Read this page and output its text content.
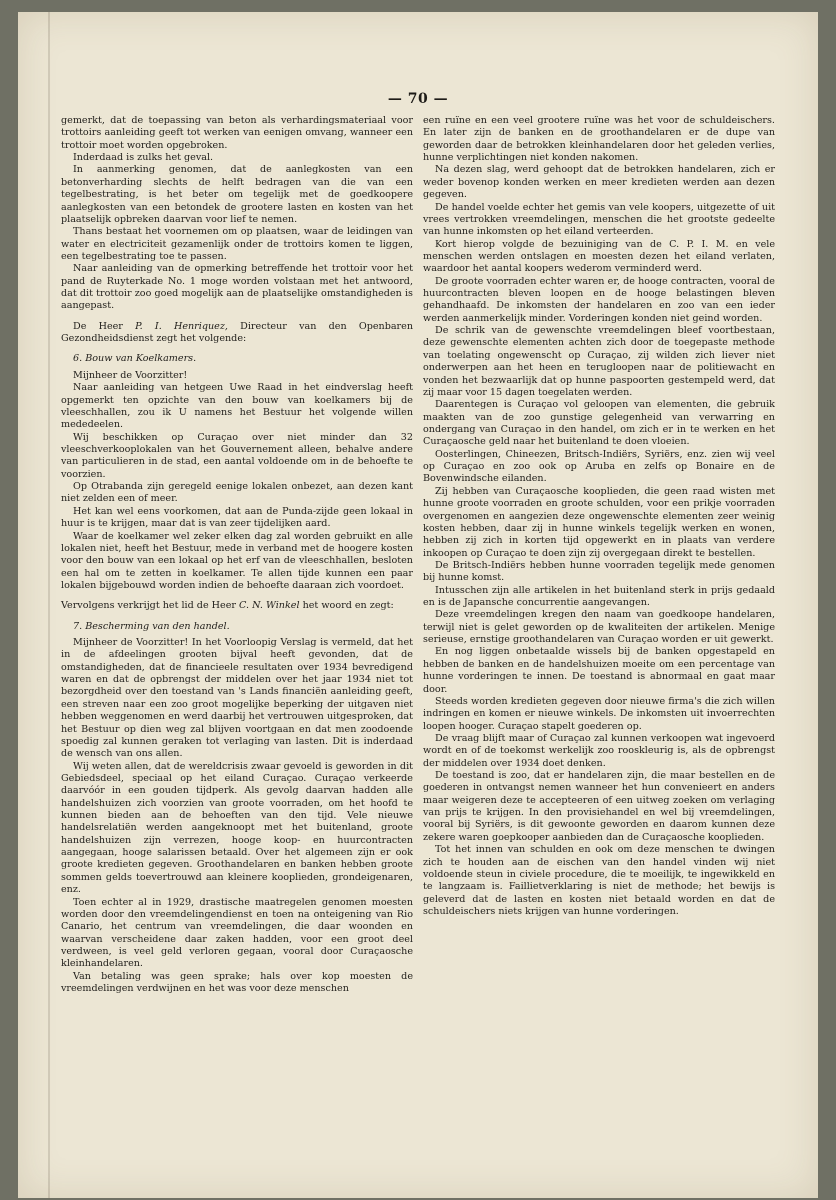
— 70 —

gemerkt, dat de toepassing van beton als verhardingsmateriaal voor trottoirs aanleiding geeft tot werken van eenigen omvang, wanneer een trottoir moet worden opgebroken.

Inderdaad is zulks het geval.

In aanmerking genomen, dat de aanlegkosten van een betonverharding slechts de helft bedragen van die van een tegelbestrating, is het beter om tegelijk met de goedkoopere aanlegkosten van een betondek de grootere lasten en kosten van het plaatselijk opbreken daarvan voor lief te nemen.

Thans bestaat het voornemen om op plaatsen, waar de leidingen van water en electriciteit gezamenlijk onder de trottoirs komen te liggen, een tegelbestrating toe te passen.

Naar aanleiding van de opmerking betreffende het trottoir voor het pand de Ruyterkade No. 1 moge worden volstaan met het antwoord, dat dit trottoir zoo goed mogelijk aan de plaatselijke omstandigheden is aangepast.

De Heer P. I. Henriquez, Directeur van den Openbaren Gezondheidsdienst zegt het volgende:

6. Bouw van Koelkamers.

Mijnheer de Voorzitter!

Naar aanleiding van hetgeen Uwe Raad in het eindverslag heeft opgemerkt ten opzichte van den bouw van koelkamers bij de vleeschhallen, zou ik U namens het Bestuur het volgende willen mededeelen.

Wij beschikken op Curaçao over niet minder dan 32 vleeschverkooplokalen van het Gouvernement alleen, behalve andere van particulieren in de stad, een aantal voldoende om in de behoefte te voorzien.

Op Otrabanda zijn geregeld eenige lokalen onbezet, aan dezen kant niet zelden een of meer.

Het kan wel eens voorkomen, dat aan de Punda-zijde geen lokaal in huur is te krijgen, maar dat is van zeer tijdelijken aard.

Waar de koelkamer wel zeker elken dag zal worden gebruikt en alle lokalen niet, heeft het Bestuur, mede in verband met de hoogere kosten voor den bouw van een lokaal op het erf van de vleeschhallen, besloten een hal om te zetten in koelkamer. Te allen tijde kunnen een paar lokalen bijgebouwd worden indien de behoefte daaraan zich voordoet.

Vervolgens verkrijgt het lid de Heer C. N. Winkel het woord en zegt:

7. Bescherming van den handel.

Mijnheer de Voorzitter! In het Voorloopig Verslag is vermeld, dat het in de afdeelingen grooten bijval heeft gevonden, dat de omstandigheden, dat de financieele resultaten over 1934 bevredigend waren en dat de opbrengst der middelen over het jaar 1934 niet tot bezorgdheid over den toestand van 's Lands financiën aanleiding geeft, een streven naar een zoo groot mogelijke beperking der uitgaven niet hebben weggenomen en werd daarbij het vertrouwen uitgesproken, dat het Bestuur op dien weg zal blijven voortgaan en dat men zoodoende spoedig zal kunnen geraken tot verlaging van lasten. Dit is inderdaad de wensch van ons allen.

Wij weten allen, dat de wereldcrisis zwaar gevoeld is geworden in dit Gebiedsdeel, speciaal op het eiland Curaçao. Curaçao verkeerde daarvóór in een gouden tijdperk. Als gevolg daarvan hadden alle handelshuizen zich voorzien van groote voorraden, om het hoofd te kunnen bieden aan de behoeften van den tijd. Vele nieuwe handelsrelatiën werden aangeknoopt met het buitenland, groote handelshuizen zijn verrezen, hooge koop- en huurcontracten aangegaan, hooge salarissen betaald. Over het algemeen zijn er ook groote kredieten gegeven. Groothandelaren en banken hebben groote sommen gelds toevertrouwd aan kleinere kooplieden, grondeigenaren, enz.

Toen echter al in 1929, drastische maatregelen genomen moesten worden door den vreemdelingendienst en toen na onteigening van Rio Canario, het centrum van vreemdelingen, die daar woonden en waarvan verscheidene daar zaken hadden, voor een groot deel verdween, is veel geld verloren gegaan, vooral door Curaçaosche kleinhandelaren.

Van betaling was geen sprake; hals over kop moesten de vreemdelingen verdwijnen en het was voor deze menschen

een ruïne en een veel grootere ruïne was het voor de schuldeischers. En later zijn de banken en de groothandelaren er de dupe van geworden daar de betrokken kleinhandelaren door het geleden verlies, hunne verplichtingen niet konden nakomen.

Na dezen slag, werd gehoopt dat de betrokken handelaren, zich er weder bovenop konden werken en meer kredieten werden aan dezen gegeven.

De handel voelde echter het gemis van vele koopers, uitgezette of uit vrees vertrokken vreemdelingen, menschen die het grootste gedeelte van hunne inkomsten op het eiland verteerden.

Kort hierop volgde de bezuiniging van de C. P. I. M. en vele menschen werden ontslagen en moesten dezen het eiland verlaten, waardoor het aantal koopers wederom verminderd werd.

De groote voorraden echter waren er, de hooge contracten, vooral de huurcontracten bleven loopen en de hooge belastingen bleven gehandhaafd. De inkomsten der handelaren en zoo van een ieder werden aanmerkelijk minder. Vorderingen konden niet geind worden.

De schrik van de gewenschte vreemdelingen bleef voortbestaan, deze gewenschte elementen achten zich door de toegepaste methode van toelating ongewenscht op Curaçao, zij wilden zich liever niet onderwerpen aan het heen en terugloopen naar de politiewacht en vonden het bezwaarlijk dat op hunne paspoorten gestempeld werd, dat zij maar voor 15 dagen toegelaten werden.

Daarentegen is Curaçao vol geloopen van elementen, die gebruik maakten van de zoo gunstige gelegenheid van verwarring en ondergang van Curaçao in den handel, om zich er in te werken en het Curaçaosche geld naar het buitenland te doen vloeien.

Oosterlingen, Chineezen, Britsch-Indiërs, Syriërs, enz. zien wij veel op Curaçao en zoo ook op Aruba en zelfs op Bonaire en de Bovenwindsche eilanden.

Zij hebben van Curaçaosche kooplieden, die geen raad wisten met hunne groote voorraden en groote schulden, voor een prikje voorraden overgenomen en aangezien deze ongewenschte elementen zeer weinig kosten hebben, daar zij in hunne winkels tegelijk werken en wonen, hebben zij zich in korten tijd opgewerkt en in plaats van verdere inkoopen op Curaçao te doen zijn zij overgegaan direkt te bestellen.

De Britsch-Indiërs hebben hunne voorraden tegelijk mede genomen bij hunne komst.

Intusschen zijn alle artikelen in het buitenland sterk in prijs gedaald en is de Japansche concurrentie aangevangen.

Deze vreemdelingen kregen den naam van goedkoope handelaren, terwijl niet is gelet geworden op de kwaliteiten der artikelen. Menige serieuse, ernstige groothandelaren van Curaçao worden er uit gewerkt.

En nog liggen onbetaalde wissels bij de banken opgestapeld en hebben de banken en de handelshuizen moeite om een percentage van hunne vorderingen te innen. De toestand is abnormaal en gaat maar door.

Steeds worden kredieten gegeven door nieuwe firma's die zich willen indringen en komen er nieuwe winkels. De inkomsten uit invoerrechten loopen hooger. Curaçao stapelt goederen op.

De vraag blijft maar of Curaçao zal kunnen verkoopen wat ingevoerd wordt en of de toekomst werkelijk zoo rooskleurig is, als de opbrengst der middelen over 1934 doet denken.

De toestand is zoo, dat er handelaren zijn, die maar bestellen en de goederen in ontvangst nemen wanneer het hun convenieert en anders maar weigeren deze te accepteeren of een uitweg zoeken om verlaging van prijs te krijgen. In den provisiehandel en wel bij vreemdelingen, vooral bij Syriërs, is dit gewoonte geworden en daarom kunnen deze zekere waren goepkooper aanbieden dan de Curaçaosche kooplieden.

Tot het innen van schulden en ook om deze menschen te dwingen zich te houden aan de eischen van den handel vinden wij niet voldoende steun in civiele procedure, die te moeilijk, te ingewikkeld en te langzaam is. Faillietverklaring is niet de methode; het bewijs is geleverd dat de lasten en kosten niet betaald worden en dat de schuldeischers niets krijgen van hunne vorderingen.
